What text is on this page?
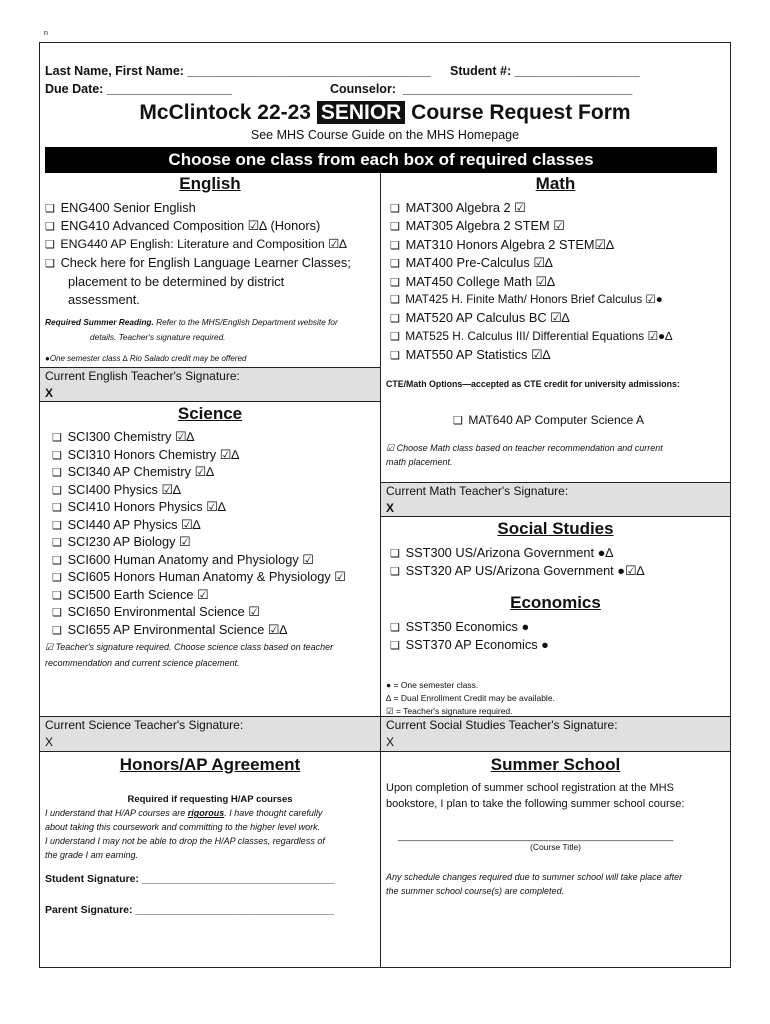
n
Last Name, First Name: ___________________________________ Student #: __________________
Due Date: __________________	Counselor:  _________________________________
McClintock 22-23 SENIOR Course Request Form
See MHS Course Guide on the MHS Homepage
Choose one class from each box of required classes
English
❑ ENG400 Senior English
❑ ENG410 Advanced Composition ☑∆ (Honors)
❑ ENG440 AP English: Literature and Composition ☑∆
❑ Check here for English Language Learner Classes;
placement to be determined by district
assessment.
Required Summer Reading. Refer to the MHS/English Department website for
details. Teacher's signature required.
●One semester class ∆ Rio Salado credit may be offered
Current English Teacher's Signature:
X
Science
❑ SCI300 Chemistry ☑∆
❑ SCI310 Honors Chemistry ☑∆
❑ SCI340 AP Chemistry ☑∆
❑ SCI400 Physics ☑∆
❑ SCI410 Honors Physics ☑∆
❑ SCI440 AP Physics ☑∆
❑ SCI230 AP Biology ☑
❑ SCI600 Human Anatomy and Physiology ☑
❑ SCI605 Honors Human Anatomy & Physiology ☑
❑ SCI500 Earth Science ☑
❑ SCI650 Environmental Science ☑
❑ SCI655 AP Environmental Science ☑∆
☑ Teacher's signature required. Choose science class based on teacher
recommendation and current science placement.
Current Science Teacher's Signature:
X
Honors/AP Agreement
Required if requesting H/AP courses
I understand that H/AP courses are rigorous. I have thought carefully
about taking this coursework and committing to the higher level work.
I understand I may not be able to drop the H/AP classes, regardless of
the grade I am earning.
Student Signature: _________________________________
Parent Signature: __________________________________
Math
❑ MAT300 Algebra 2 ☑
❑ MAT305 Algebra 2 STEM ☑
❑ MAT310 Honors Algebra 2 STEM☑∆
❑ MAT400 Pre-Calculus ☑∆
❑ MAT450 College Math ☑∆
❑ MAT425 H. Finite Math/ Honors Brief Calculus ☑●
❑ MAT520 AP Calculus BC ☑∆
❑ MAT525 H. Calculus III/ Differential Equations ☑●∆
❑ MAT550 AP Statistics ☑∆
CTE/Math Options—accepted as CTE credit for university admissions:
❑ MAT640 AP Computer Science A
☑ Choose Math class based on teacher recommendation and current
math placement.
Current Math Teacher's Signature:
X
Social Studies
❑ SST300 US/Arizona Government ●∆
❑ SST320 AP US/Arizona Government ●☑∆
Economics
❑ SST350 Economics ●
❑ SST370 AP Economics ●
● = One semester class.
∆ = Dual Enrollment Credit may be available.
☑ = Teacher's signature required.
Current Social Studies Teacher's Signature:
X
Summer School
Upon completion of summer school registration at the MHS
bookstore, I plan to take the following summer school course:
_______________________________________________________
(Course Title)
Any schedule changes required due to summer school will take place after
the summer school course(s) are completed.
